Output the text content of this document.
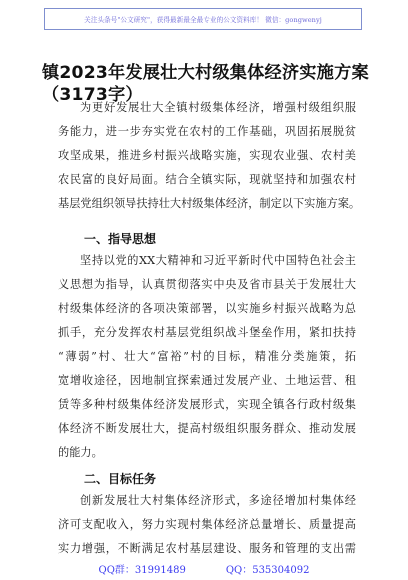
关注头条号"公文研究"，获得最新最全最专业的公文资料库！ 微信：gongwenyj
镇2023年发展壮大村级集体经济实施方案
（3173字）
为更好发展壮大全镇村级集体经济，增强村级组织服
务能力，进一步夯实党在农村的工作基础，巩固拓展脱贫
攻坚成果，推进乡村振兴战略实施，实现农业强、农村美
农民富的良好局面。结合全镇实际，现就坚持和加强农村
基层党组织领导扶持壮大村级集体经济，制定以下实施方案。
一、指导思想
坚持以党的XX大精神和习近平新时代中国特色社会主
义思想为指导，认真贯彻落实中央及省市县关于发展壮大
村级集体经济的各项决策部署，以实施乡村振兴战略为总
抓手，充分发挥农村基层党组织战斗堡垒作用，紧扣扶持
“薄弱”村、壮大“富裕”村的目标，精准分类施策，拓
宽增收途径，因地制宜探索通过发展产业、土地运营、租
赁等多种村级集体经济发展形式，实现全镇各行政村级集
体经济不断发展壮大，提高村级组织服务群众、推动发展
的能力。
二、目标任务
创新发展壮大村集体经济形式，多途径增加村集体经
济可支配收入，努力实现村集体经济总量增长、质量提高
实力增强，不断满足农村基层建设、服务和管理的支出需
QQ群：31991489	QQ：535304092
